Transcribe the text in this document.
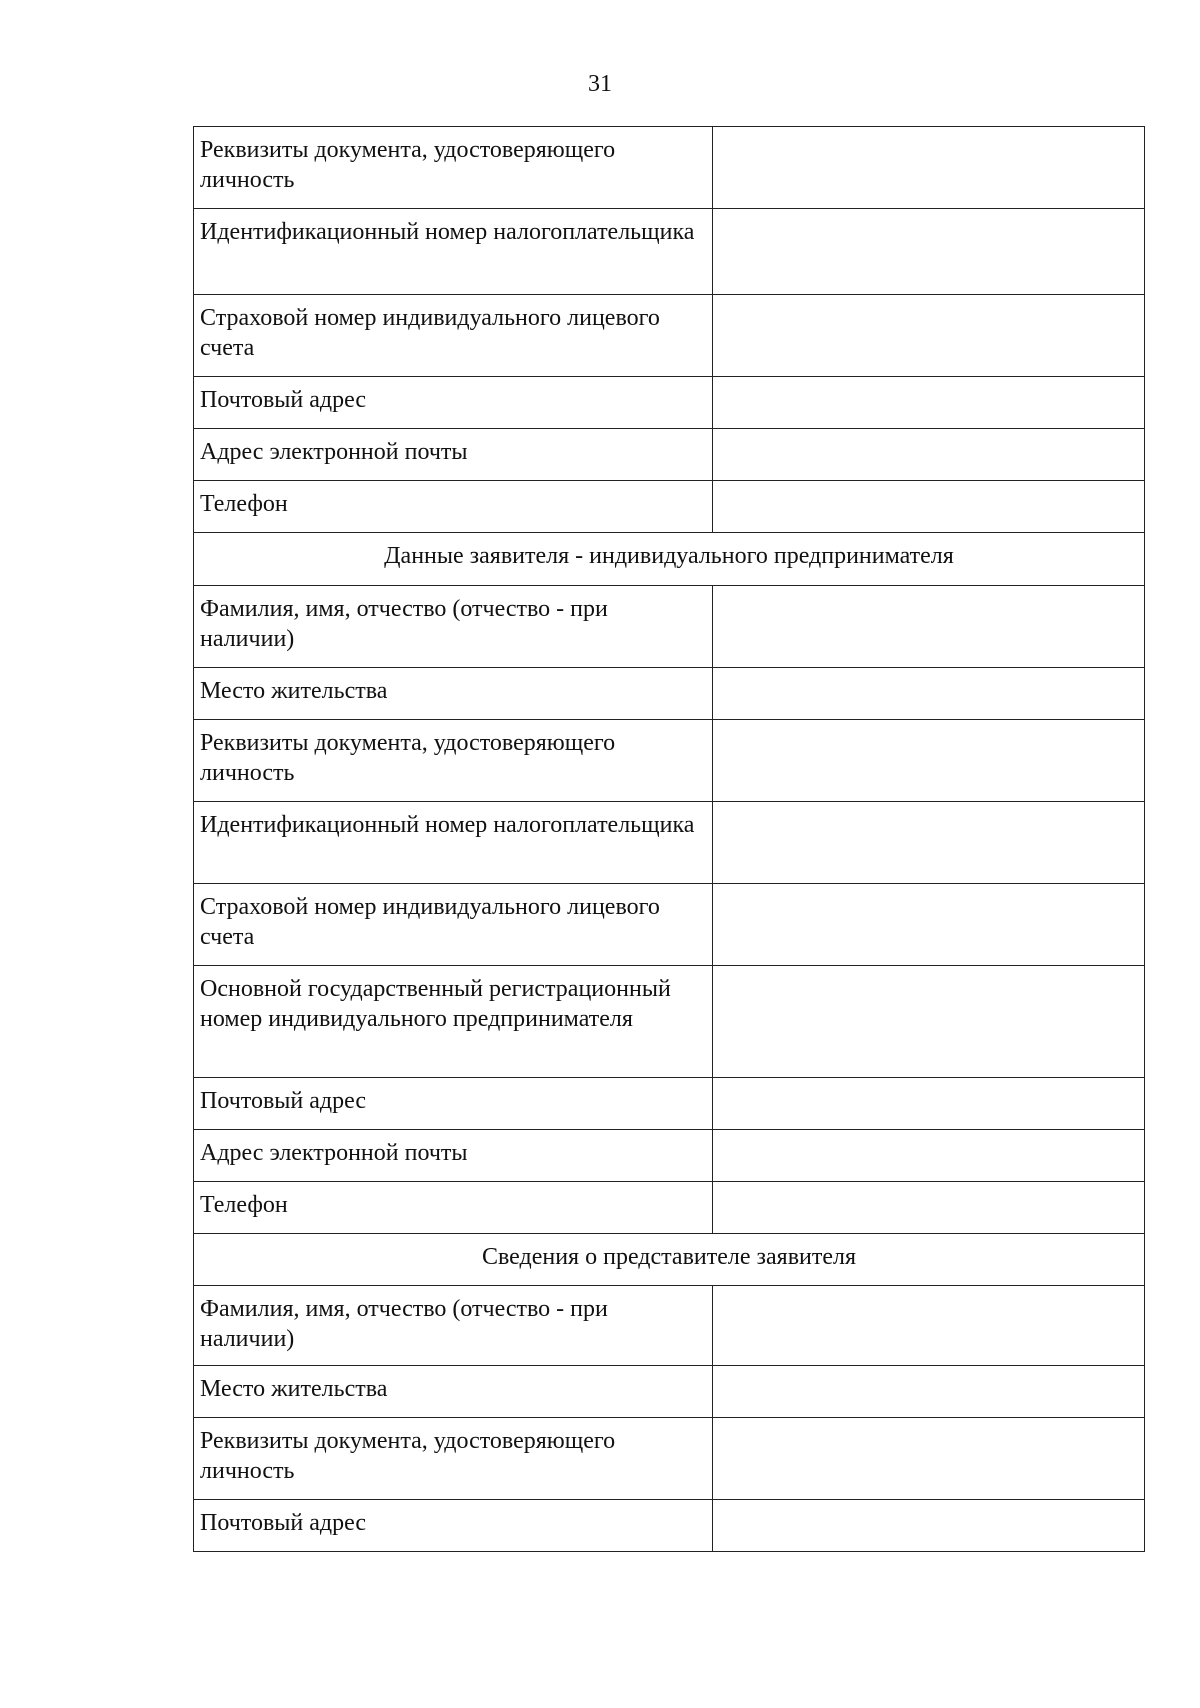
31
Реквизиты документа, удостоверяющего личность	
Идентификационный номер налогоплательщика	
Страховой номер индивидуального лицевого счета	
Почтовый адрес	
Адрес электронной почты	
Телефон	
Данные заявителя - индивидуального предпринимателя	
Фамилия, имя, отчество (отчество - при наличии)	
Место жительства	
Реквизиты документа, удостоверяющего личность	
Идентификационный номер налогоплательщика	
Страховой номер индивидуального лицевого счета	
Основной государственный регистрационный номер индивидуального предпринимателя	
Почтовый адрес	
Адрес электронной почты	
Телефон	
Сведения о представителе заявителя	
Фамилия, имя, отчество (отчество - при наличии)	
Место жительства	
Реквизиты документа, удостоверяющего личность	
Почтовый адрес	
